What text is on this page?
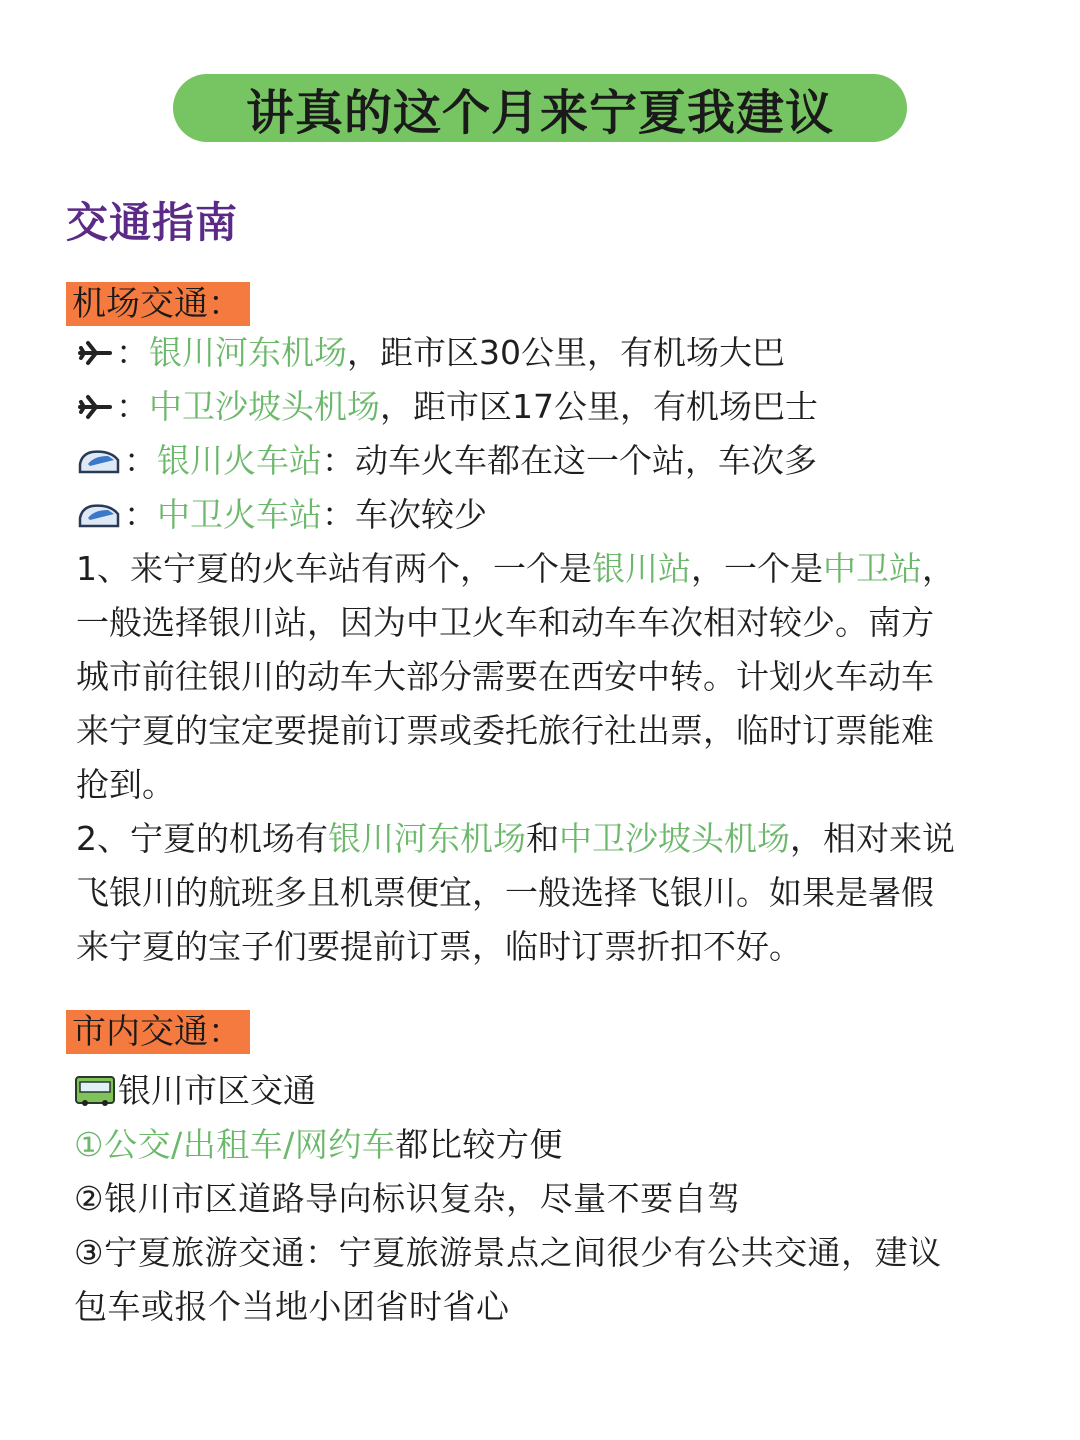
讲真的这个月来宁夏我建议
交通指南
机场交通：
： 银川河东机场 ，距市区30公里，有机场大巴
： 中卫沙坡头机场 ，距市区17公里，有机场巴士
： 银川火车站 ：动车火车都在这一个站，车次多
： 中卫火车站 ：车次较少
1、来宁夏的火车站有两个，一个是银川站，一个是中卫站，
一般选择银川站，因为中卫火车和动车车次相对较少。南方
城市前往银川的动车大部分需要在西安中转。计划火车动车
来宁夏的宝定要提前订票或委托旅行社出票，临时订票能难
抢到。
2、宁夏的机场有银川河东机场和中卫沙坡头机场，相对来说
飞银川的航班多且机票便宜，一般选择飞银川。如果是暑假
来宁夏的宝子们要提前订票，临时订票折扣不好。
市内交通：
银川市区交通
①公交/出租车/网约车 都比较方便
②银川市区道路导向标识复杂，尽量不要自驾
③宁夏旅游交通：宁夏旅游景点之间很少有公共交通，建议
包车或报个当地小团省时省心
